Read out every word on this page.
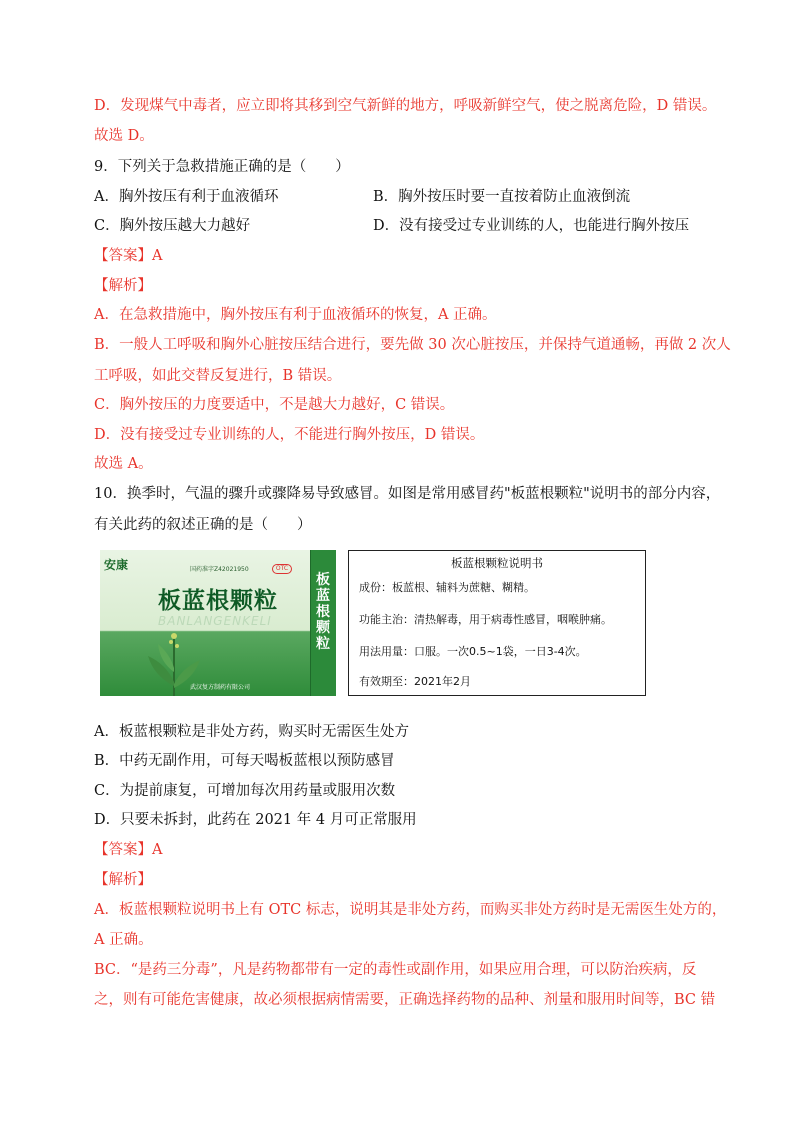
D．发现煤气中毒者，应立即将其移到空气新鲜的地方，呼吸新鲜空气，使之脱离危险，D 错误。
故选 D。
9．下列关于急救措施正确的是（　　）
A．胸外按压有利于血液循环	B．胸外按压时要一直按着防止血液倒流
C．胸外按压越大力越好	D．没有接受过专业训练的人，也能进行胸外按压
【答案】A
【解析】
A．在急救措施中，胸外按压有利于血液循环的恢复，A 正确。
B．一般人工呼吸和胸外心脏按压结合进行，要先做 30 次心脏按压，并保持气道通畅，再做 2 次人
工呼吸，如此交替反复进行，B 错误。
C．胸外按压的力度要适中，不是越大力越好，C 错误。
D．没有接受过专业训练的人，不能进行胸外按压，D 错误。
故选 A。
10．换季时，气温的骤升或骤降易导致感冒。如图是常用感冒药"板蓝根颗粒"说明书的部分内容，
有关此药的叙述正确的是（　　）
安康	国药准字Z42021950	OTC
板蓝根颗粒
BANLANGENKELI
板蓝根颗粒
武汉复方制药有限公司
板蓝根颗粒说明书
成份：板蓝根、辅料为蔗糖、糊精。
功能主治：清热解毒，用于病毒性感冒，咽喉肿痛。
用法用量：口服。一次0.5~1袋，一日3-4次。
有效期至：2021年2月
A．板蓝根颗粒是非处方药，购买时无需医生处方
B．中药无副作用，可每天喝板蓝根以预防感冒
C．为提前康复，可增加每次用药量或服用次数
D．只要未拆封，此药在 2021 年 4 月可正常服用
【答案】A
【解析】
A．板蓝根颗粒说明书上有 OTC 标志，说明其是非处方药，而购买非处方药时是无需医生处方的，
A 正确。
BC．“是药三分毒”，凡是药物都带有一定的毒性或副作用，如果应用合理，可以防治疾病，反
之，则有可能危害健康，故必须根据病情需要，正确选择药物的品种、剂量和服用时间等，BC 错
